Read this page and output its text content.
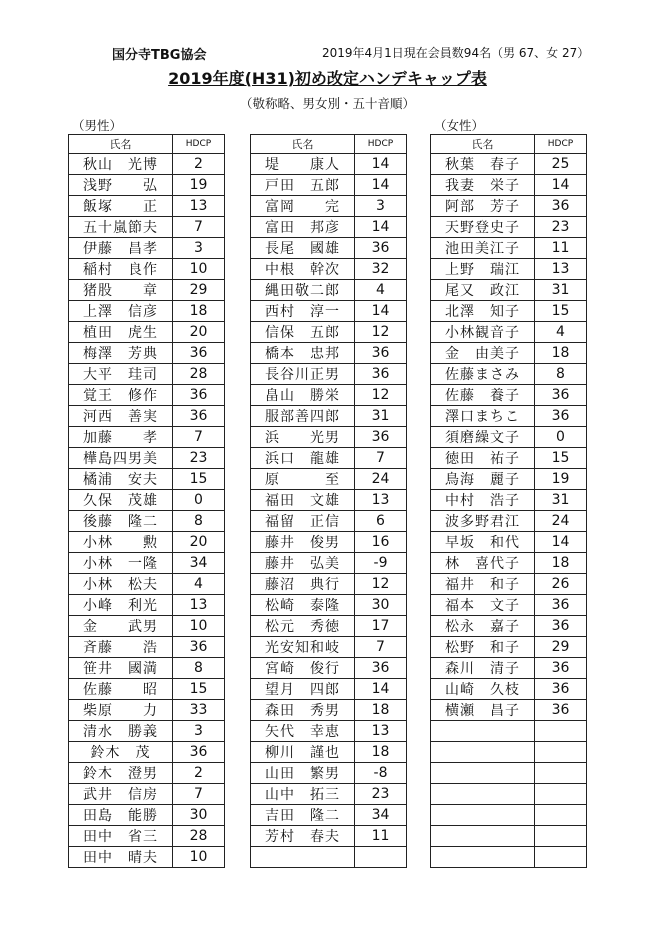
国分寺TBG協会	2019年4月1日現在会員数94名（男 67、女 27）
2019年度(H31)初め改定ハンデキャップ表
（敬称略、男女別・五十音順）
（男性）	（女性）
氏名	HDCP
秋山　光博	2
浅野　　弘	19
飯塚　　正	13
五十嵐節夫	7
伊藤　昌孝	3
稲村　良作	10
猪股　　章	29
上澤　信彦	18
植田　虎生	20
梅澤　芳典	36
大平　珪司	28
覚王　修作	36
河西　善実	36
加藤　　孝	7
樺島四男美	23
橘浦　安夫	15
久保　茂雄	0
後藤　隆二	8
小林　　勲	20
小林　一隆	34
小林　松夫	4
小峰　利光	13
金　　武男	10
斉藤　　浩	36
笹井　國満	8
佐藤　　昭	15
柴原　　力	33
清水　勝義	3
鈴木　茂	36
鈴木　澄男	2
武井　信房	7
田島　能勝	30
田中　省三	28
田中　晴夫	10
氏名	HDCP
堤　　康人	14
戸田　五郎	14
富岡　　完	3
富田　邦彦	14
長尾　國雄	36
中根　幹次	32
縄田敬二郎	4
西村　淳一	14
信保　五郎	12
橋本　忠邦	36
長谷川正男	36
畠山　勝栄	12
服部善四郎	31
浜　　光男	36
浜口　龍雄	7
原　　　至	24
福田　文雄	13
福留　正信	6
藤井　俊男	16
藤井　弘美	-9
藤沼　典行	12
松崎　泰隆	30
松元　秀徳	17
光安知和岐	7
宮崎　俊行	36
望月　四郎	14
森田　秀男	18
矢代　幸恵	13
柳川　謹也	18
山田　繁男	-8
山中　拓三	23
吉田　隆二	34
芳村　春夫	11

氏名	HDCP
秋葉　春子	25
我妻　栄子	14
阿部　芳子	36
天野登史子	23
池田美江子	11
上野　瑞江	13
尾又　政江	31
北澤　知子	15
小林観音子	4
金　由美子	18
佐藤まさみ	8
佐藤　養子	36
澤口まちこ	36
須磨繰文子	0
徳田　祐子	15
鳥海　麗子	19
中村　浩子	31
波多野君江	24
早坂　和代	14
林　喜代子	18
福井　和子	26
福本　文子	36
松永　嘉子	36
松野　和子	29
森川　清子	36
山崎　久枝	36
横瀬　昌子	36
